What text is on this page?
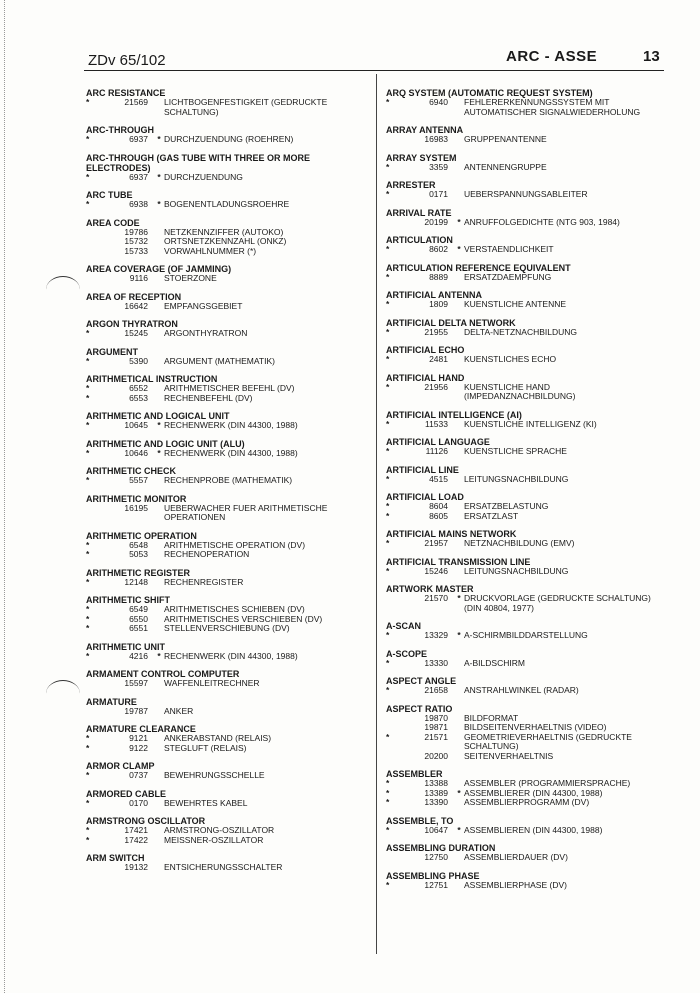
ZDv 65/102	ARC - ASSE	13
ARC RESISTANCE
*	21569	LICHTBOGENFESTIGKEIT (GEDRUCKTE
SCHALTUNG)
ARC-THROUGH
*	6937	* DURCHZUENDUNG (ROEHREN)
ARC-THROUGH (GAS TUBE WITH THREE OR MORE ELECTRODES)
*	6937	* DURCHZUENDUNG
ARC TUBE
*	6938	* BOGENENTLADUNGSROEHRE
AREA CODE
19786	NETZKENNZIFFER (AUTOKO)
15732	ORTSNETZKENNZAHL (ONKZ)
15733	VORWAHLNUMMER (*)
AREA COVERAGE (OF JAMMING)
9116	STOERZONE
AREA OF RECEPTION
16642	EMPFANGSGEBIET
ARGON THYRATRON
*	15245	ARGONTHYRATRON
ARGUMENT
*	5390	ARGUMENT (MATHEMATIK)
ARITHMETICAL INSTRUCTION
*	6552	ARITHMETISCHER BEFEHL (DV)
*	6553	RECHENBEFEHL (DV)
ARITHMETIC AND LOGICAL UNIT
*	10645	* RECHENWERK (DIN 44300, 1988)
ARITHMETIC AND LOGIC UNIT (ALU)
*	10646	* RECHENWERK (DIN 44300, 1988)
ARITHMETIC CHECK
*	5557	RECHENPROBE (MATHEMATIK)
ARITHMETIC MONITOR
16195	UEBERWACHER FUER ARITHMETISCHE
OPERATIONEN
ARITHMETIC OPERATION
*	6548	ARITHMETISCHE OPERATION (DV)
*	5053	RECHENOPERATION
ARITHMETIC REGISTER
*	12148	RECHENREGISTER
ARITHMETIC SHIFT
*	6549	ARITHMETISCHES SCHIEBEN (DV)
*	6550	ARITHMETISCHES VERSCHIEBEN (DV)
*	6551	STELLENVERSCHIEBUNG (DV)
ARITHMETIC UNIT
*	4216	* RECHENWERK (DIN 44300, 1988)
ARMAMENT CONTROL COMPUTER
15597	WAFFENLEITRECHNER
ARMATURE
19787	ANKER
ARMATURE CLEARANCE
*	9121	ANKERABSTAND (RELAIS)
*	9122	STEGLUFT (RELAIS)
ARMOR CLAMP
*	0737	BEWEHRUNGSSCHELLE
ARMORED CABLE
*	0170	BEWEHRTES KABEL
ARMSTRONG OSCILLATOR
*	17421	ARMSTRONG-OSZILLATOR
*	17422	MEISSNER-OSZILLATOR
ARM SWITCH
19132	ENTSICHERUNGSSCHALTER
ARQ SYSTEM (AUTOMATIC REQUEST SYSTEM)
*	6940	FEHLERERKENNUNGSSYSTEM MIT
AUTOMATISCHER SIGNALWIEDERHOLUNG
ARRAY ANTENNA
16983	GRUPPENANTENNE
ARRAY SYSTEM
*	3359	ANTENNENGRUPPE
ARRESTER
*	0171	UEBERSPANNUNGSABLEITER
ARRIVAL RATE
20199	* ANRUFFOLGEDICHTE (NTG 903, 1984)
ARTICULATION
*	8602	* VERSTAENDLICHKEIT
ARTICULATION REFERENCE EQUIVALENT
*	8889	ERSATZDAEMPFUNG
ARTIFICIAL ANTENNA
*	1809	KUENSTLICHE ANTENNE
ARTIFICIAL DELTA NETWORK
*	21955	DELTA-NETZNACHBILDUNG
ARTIFICIAL ECHO
*	2481	KUENSTLICHES ECHO
ARTIFICIAL HAND
*	21956	KUENSTLICHE HAND
(IMPEDANZNACHBILDUNG)
ARTIFICIAL INTELLIGENCE (AI)
*	11533	KUENSTLICHE INTELLIGENZ (KI)
ARTIFICIAL LANGUAGE
*	11126	KUENSTLICHE SPRACHE
ARTIFICIAL LINE
*	4515	LEITUNGSNACHBILDUNG
ARTIFICIAL LOAD
*	8604	ERSATZBELASTUNG
*	8605	ERSATZLAST
ARTIFICIAL MAINS NETWORK
*	21957	NETZNACHBILDUNG (EMV)
ARTIFICIAL TRANSMISSION LINE
*	15246	LEITUNGSNACHBILDUNG
ARTWORK MASTER
21570	* DRUCKVORLAGE (GEDRUCKTE SCHALTUNG)
(DIN 40804, 1977)
A-SCAN
*	13329	* A-SCHIRMBILDDARSTELLUNG
A-SCOPE
*	13330	A-BILDSCHIRM
ASPECT ANGLE
*	21658	ANSTRAHLWINKEL (RADAR)
ASPECT RATIO
19870	BILDFORMAT
19871	BILDSEITENVERHAELTNIS (VIDEO)
*	21571	GEOMETRIEVERHAELTNIS (GEDRUCKTE
SCHALTUNG)
20200	SEITENVERHAELTNIS
ASSEMBLER
*	13388	ASSEMBLER (PROGRAMMIERSPRACHE)
*	13389	* ASSEMBLIERER (DIN 44300, 1988)
*	13390	ASSEMBLIERPROGRAMM (DV)
ASSEMBLE, TO
*	10647	* ASSEMBLIEREN (DIN 44300, 1988)
ASSEMBLING DURATION
12750	ASSEMBLIERDAUER (DV)
ASSEMBLING PHASE
*	12751	ASSEMBLIERPHASE (DV)
